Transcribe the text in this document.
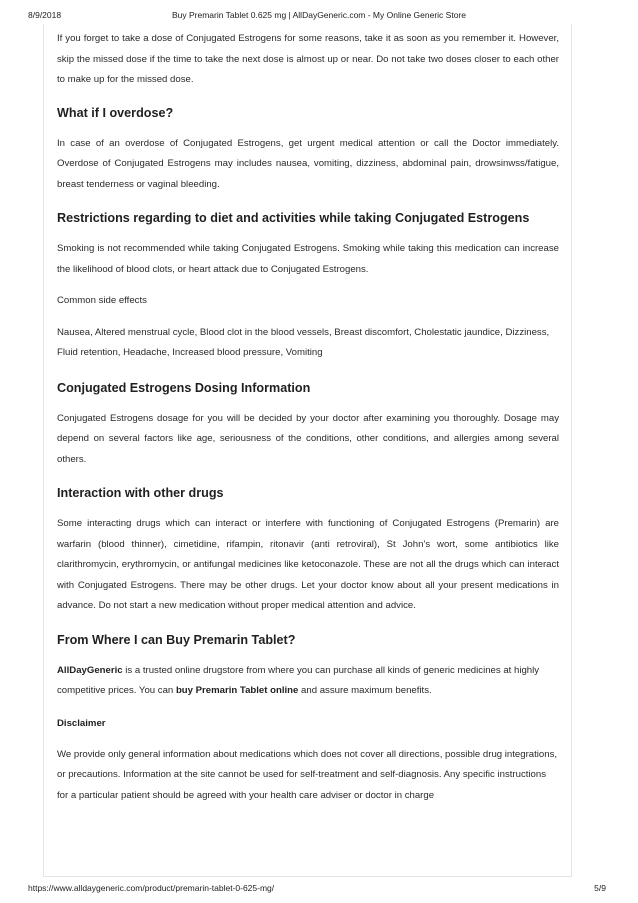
8/9/2018	Buy Premarin Tablet 0.625 mg | AllDayGeneric.com - My Online Generic Store

If you forget to take a dose of Conjugated Estrogens for some reasons, take it as soon as you remember it. However, skip the missed dose if the time to take the next dose is almost up or near. Do not take two doses closer to each other to make up for the missed dose.

What if I overdose?

In case of an overdose of Conjugated Estrogens, get urgent medical attention or call the Doctor immediately. Overdose of Conjugated Estrogens may includes nausea, vomiting, dizziness, abdominal pain, drowsinwss/fatigue, breast tenderness or vaginal bleeding.

Restrictions regarding to diet and activities while taking Conjugated Estrogens

Smoking is not recommended while taking Conjugated Estrogens. Smoking while taking this medication can increase the likelihood of blood clots, or heart attack due to Conjugated Estrogens.

Common side effects

Nausea, Altered menstrual cycle, Blood clot in the blood vessels, Breast discomfort, Cholestatic jaundice, Dizziness, Fluid retention, Headache, Increased blood pressure, Vomiting

Conjugated Estrogens Dosing Information

Conjugated Estrogens dosage for you will be decided by your doctor after examining you thoroughly. Dosage may depend on several factors like age, seriousness of the conditions, other conditions, and allergies among several others.

Interaction with other drugs

Some interacting drugs which can interact or interfere with functioning of Conjugated Estrogens (Premarin) are warfarin (blood thinner), cimetidine, rifampin, ritonavir (anti retroviral), St John’s wort, some antibiotics like clarithromycin, erythromycin, or antifungal medicines like ketoconazole. These are not all the drugs which can interact with Conjugated Estrogens. There may be other drugs. Let your doctor know about all your present medications in advance. Do not start a new medication without proper medical attention and advice.

From Where I can Buy Premarin Tablet?

AllDayGeneric is a trusted online drugstore from where you can purchase all kinds of generic medicines at highly competitive prices. You can buy Premarin Tablet online and assure maximum benefits.

Disclaimer

We provide only general information about medications which does not cover all directions, possible drug integrations, or precautions. Information at the site cannot be used for self-treatment and self-diagnosis. Any specific instructions for a particular patient should be agreed with your health care adviser or doctor in charge

https://www.alldaygeneric.com/product/premarin-tablet-0-625-mg/	5/9
